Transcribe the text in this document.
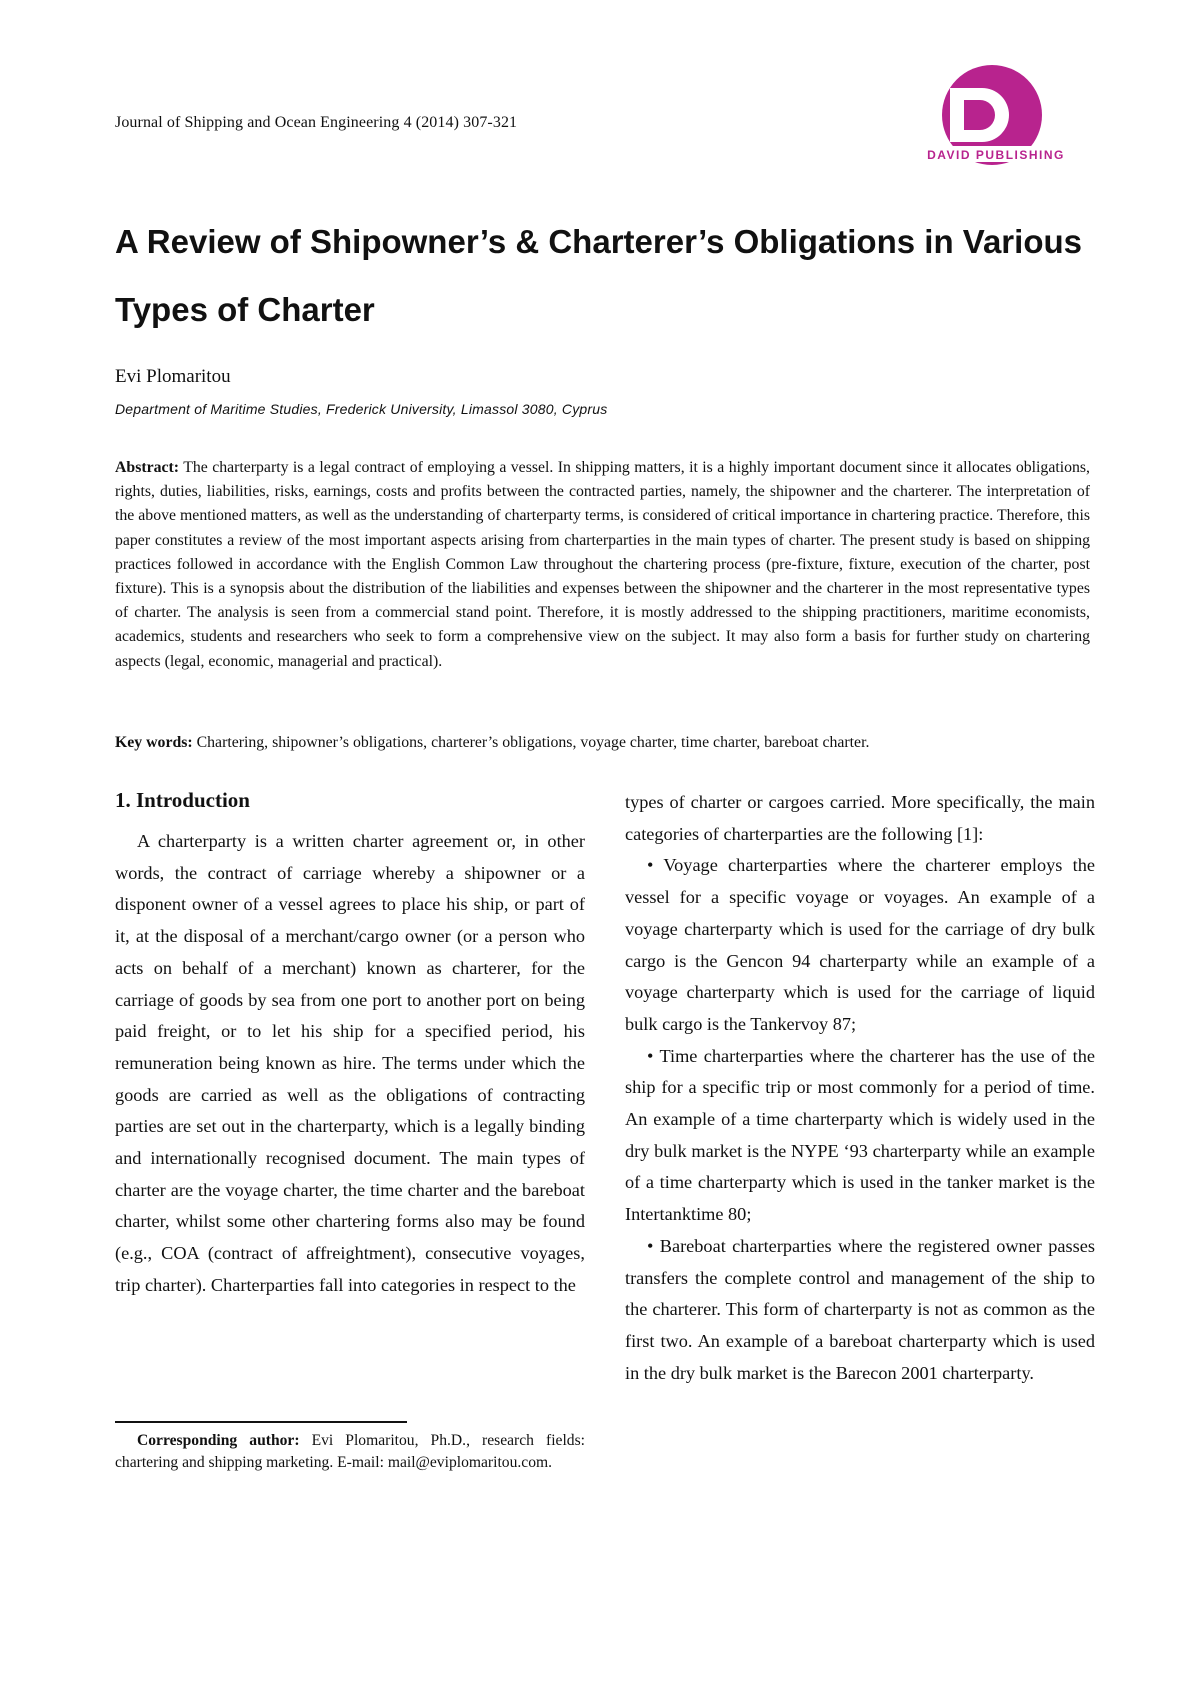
Journal of Shipping and Ocean Engineering 4 (2014) 307-321
DAVID PUBLISHING
A Review of Shipowner’s & Charterer’s Obligations in Various Types of Charter
Evi Plomaritou
Department of Maritime Studies, Frederick University, Limassol 3080, Cyprus

Abstract: The charterparty is a legal contract of employing a vessel. In shipping matters, it is a highly important document since it allocates obligations, rights, duties, liabilities, risks, earnings, costs and profits between the contracted parties, namely, the shipowner and the charterer. The interpretation of the above mentioned matters, as well as the understanding of charterparty terms, is considered of critical importance in chartering practice. Therefore, this paper constitutes a review of the most important aspects arising from charterparties in the main types of charter. The present study is based on shipping practices followed in accordance with the English Common Law throughout the chartering process (pre-fixture, fixture, execution of the charter, post fixture). This is a synopsis about the distribution of the liabilities and expenses between the shipowner and the charterer in the most representative types of charter. The analysis is seen from a commercial stand point. Therefore, it is mostly addressed to the shipping practitioners, maritime economists, academics, students and researchers who seek to form a comprehensive view on the subject. It may also form a basis for further study on chartering aspects (legal, economic, managerial and practical).

Key words: Chartering, shipowner’s obligations, charterer’s obligations, voyage charter, time charter, bareboat charter.

1. Introduction

A charterparty is a written charter agreement or, in other words, the contract of carriage whereby a shipowner or a disponent owner of a vessel agrees to place his ship, or part of it, at the disposal of a merchant/cargo owner (or a person who acts on behalf of a merchant) known as charterer, for the carriage of goods by sea from one port to another port on being paid freight, or to let his ship for a specified period, his remuneration being known as hire. The terms under which the goods are carried as well as the obligations of contracting parties are set out in the charterparty, which is a legally binding and internationally recognised document. The main types of charter are the voyage charter, the time charter and the bareboat charter, whilst some other chartering forms also may be found (e.g., COA (contract of affreightment), consecutive voyages, trip charter). Charterparties fall into categories in respect to the

types of charter or cargoes carried. More specifically, the main categories of charterparties are the following [1]:

• Voyage charterparties where the charterer employs the vessel for a specific voyage or voyages. An example of a voyage charterparty which is used for the carriage of dry bulk cargo is the Gencon 94 charterparty while an example of a voyage charterparty which is used for the carriage of liquid bulk cargo is the Tankervoy 87;

• Time charterparties where the charterer has the use of the ship for a specific trip or most commonly for a period of time. An example of a time charterparty which is widely used in the dry bulk market is the NYPE ‘93 charterparty while an example of a time charterparty which is used in the tanker market is the Intertanktime 80;

• Bareboat charterparties where the registered owner passes transfers the complete control and management of the ship to the charterer. This form of charterparty is not as common as the first two. An example of a bareboat charterparty which is used in the dry bulk market is the Barecon 2001 charterparty.

Corresponding author: Evi Plomaritou, Ph.D., research fields: chartering and shipping marketing. E-mail: mail@eviplomaritou.com.
